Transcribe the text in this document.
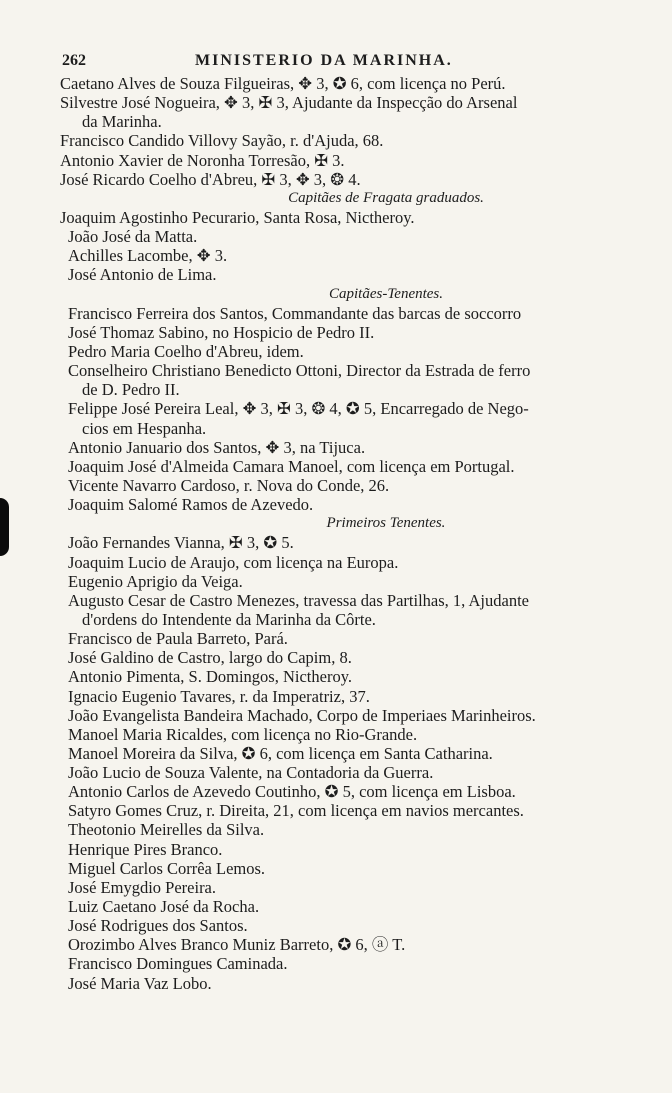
262	MINISTERIO DA MARINHA.
Caetano Alves de Souza Filgueiras, ✥ 3, ✪ 6, com licença no Perú.
Silvestre José Nogueira, ✥ 3, ✠ 3, Ajudante da Inspecção do Arsenal
da Marinha.
Francisco Candido Villovy Sayão, r. d'Ajuda, 68.
Antonio Xavier de Noronha Torresão, ✠ 3.
José Ricardo Coelho d'Abreu, ✠ 3, ✥ 3, ❂ 4.
Capitães de Fragata graduados.
Joaquim Agostinho Pecurario, Santa Rosa, Nictheroy.
João José da Matta.
Achilles Lacombe, ✥ 3.
José Antonio de Lima.
Capitães-Tenentes.
Francisco Ferreira dos Santos, Commandante das barcas de soccorro
José Thomaz Sabino, no Hospicio de Pedro II.
Pedro Maria Coelho d'Abreu, idem.
Conselheiro Christiano Benedicto Ottoni, Director da Estrada de ferro
de D. Pedro II.
Felippe José Pereira Leal, ✥ 3, ✠ 3, ❂ 4, ✪ 5, Encarregado de Nego-
cios em Hespanha.
Antonio Januario dos Santos, ✥ 3, na Tijuca.
Joaquim José d'Almeida Camara Manoel, com licença em Portugal.
Vicente Navarro Cardoso, r. Nova do Conde, 26.
Joaquim Salomé Ramos de Azevedo.
Primeiros Tenentes.
João Fernandes Vianna, ✠ 3, ✪ 5.
Joaquim Lucio de Araujo, com licença na Europa.
Eugenio Aprigio da Veiga.
Augusto Cesar de Castro Menezes, travessa das Partilhas, 1, Ajudante
d'ordens do Intendente da Marinha da Côrte.
Francisco de Paula Barreto, Pará.
José Galdino de Castro, largo do Capim, 8.
Antonio Pimenta, S. Domingos, Nictheroy.
Ignacio Eugenio Tavares, r. da Imperatriz, 37.
João Evangelista Bandeira Machado, Corpo de Imperiaes Marinheiros.
Manoel Maria Ricaldes, com licença no Rio-Grande.
Manoel Moreira da Silva, ✪ 6, com licença em Santa Catharina.
João Lucio de Souza Valente, na Contadoria da Guerra.
Antonio Carlos de Azevedo Coutinho, ✪ 5, com licença em Lisboa.
Satyro Gomes Cruz, r. Direita, 21, com licença em navios mercantes.
Theotonio Meirelles da Silva.
Henrique Pires Branco.
Miguel Carlos Corrêa Lemos.
José Emygdio Pereira.
Luiz Caetano José da Rocha.
José Rodrigues dos Santos.
Orozimbo Alves Branco Muniz Barreto, ✪ 6, ⓐ T.
Francisco Domingues Caminada.
José Maria Vaz Lobo.
